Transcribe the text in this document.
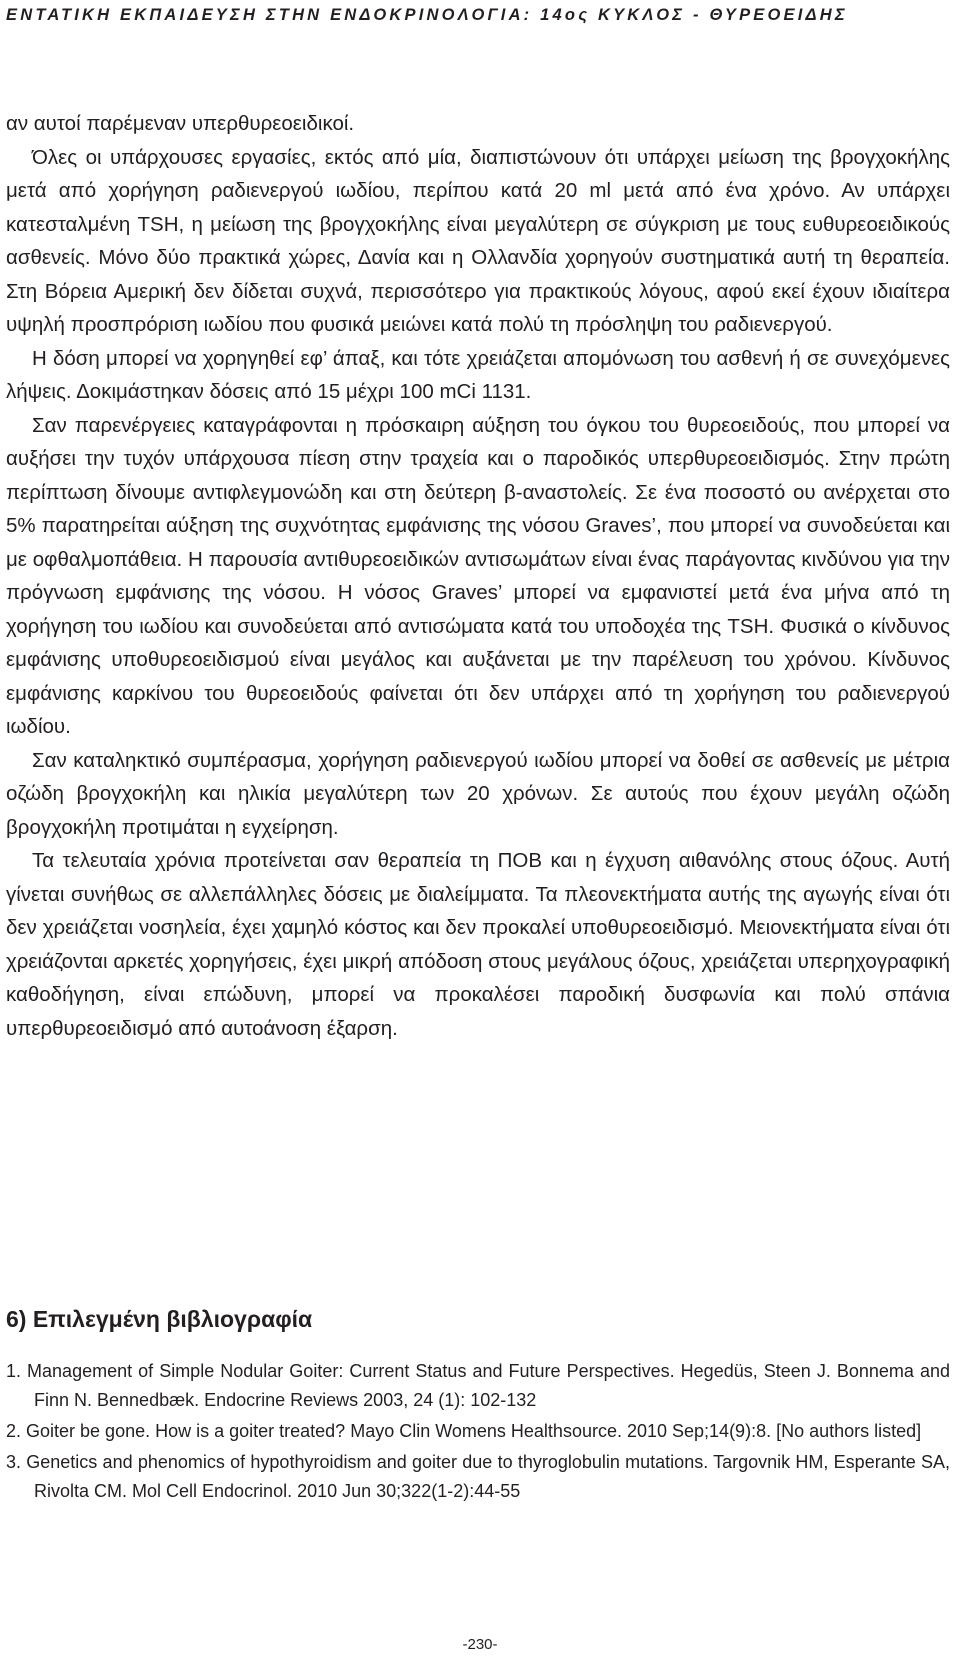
ΕΝΤΑΤΙΚΗ ΕΚΠΑΙΔΕΥΣΗ ΣΤΗΝ ΕΝΔΟΚΡΙΝΟΛΟΓΙΑ: 14ος ΚΥΚΛΟΣ - ΘΥΡΕΟΕΙΔΗΣ

αν αυτοί παρέμεναν υπερθυρεοειδικοί.

Όλες οι υπάρχουσες εργασίες, εκτός από μία, διαπιστώνουν ότι υπάρχει μείωση της βρογχοκήλης μετά από χορήγηση ραδιενεργού ιωδίου, περίπου κατά 20 ml μετά από ένα χρόνο. Αν υπάρχει κατεσταλμένη TSH, η μείωση της βρογχοκήλης είναι μεγαλύτερη σε σύγκριση με τους ευθυρεοειδικούς ασθενείς. Μόνο δύο πρακτικά χώρες, Δανία και η Ολλανδία χορηγούν συστηματικά αυτή τη θεραπεία. Στη Βόρεια Αμερική δεν δίδεται συχνά, περισσότερο για πρακτικούς λόγους, αφού εκεί έχουν ιδιαίτερα υψηλή προσπρόριση ιωδίου που φυσικά μειώνει κατά πολύ τη πρόσληψη του ραδιενεργού.

Η δόση μπορεί να χορηγηθεί εφ’ άπαξ, και τότε χρειάζεται απομόνωση του ασθενή ή σε συνεχόμενες λήψεις. Δοκιμάστηκαν δόσεις από 15 μέχρι 100 mCi 1131.

Σαν παρενέργειες καταγράφονται η πρόσκαιρη αύξηση του όγκου του θυρεοειδούς, που μπορεί να αυξήσει την τυχόν υπάρχουσα πίεση στην τραχεία και ο παροδικός υπερθυρεοειδισμός. Στην πρώτη περίπτωση δίνουμε αντιφλεγμονώδη και στη δεύτερη β-αναστολείς. Σε ένα ποσοστό ου ανέρχεται στο 5% παρατηρείται αύξηση της συχνότητας εμφάνισης της νόσου Graves’, που μπορεί να συνοδεύεται και με οφθαλμοπάθεια. Η παρουσία αντιθυρεοειδικών αντισωμάτων είναι ένας παράγοντας κινδύνου για την πρόγνωση εμφάνισης της νόσου. Η νόσος Graves’ μπορεί να εμφανιστεί μετά ένα μήνα από τη χορήγηση του ιωδίου και συνοδεύεται από αντισώματα κατά του υποδοχέα της TSH. Φυσικά ο κίνδυνος εμφάνισης υποθυρεοειδισμού είναι μεγάλος και αυξάνεται με την παρέλευση του χρόνου. Κίνδυνος εμφάνισης καρκίνου του θυρεοειδούς φαίνεται ότι δεν υπάρχει από τη χορήγηση του ραδιενεργού ιωδίου.

Σαν καταληκτικό συμπέρασμα, χορήγηση ραδιενεργού ιωδίου μπορεί να δοθεί σε ασθενείς με μέτρια οζώδη βρογχοκήλη και ηλικία μεγαλύτερη των 20 χρόνων. Σε αυτούς που έχουν μεγάλη οζώδη βρογχοκήλη προτιμάται η εγχείρηση.

Τα τελευταία χρόνια προτείνεται σαν θεραπεία τη ΠΟΒ και η έγχυση αιθανόλης στους όζους. Αυτή γίνεται συνήθως σε αλλεπάλληλες δόσεις με διαλείμματα. Τα πλεονεκτήματα αυτής της αγωγής είναι ότι δεν χρειάζεται νοσηλεία, έχει χαμηλό κόστος και δεν προκαλεί υποθυρεοειδισμό. Μειονεκτήματα είναι ότι χρειάζονται αρκετές χορηγήσεις, έχει μικρή απόδοση στους μεγάλους όζους, χρειάζεται υπερηχογραφική καθοδήγηση, είναι επώδυνη, μπορεί να προκαλέσει παροδική δυσφωνία και πολύ σπάνια υπερθυρεοειδισμό από αυτοάνοση έξαρση.

6) Επιλεγμένη βιβλιογραφία
1. Management of Simple Nodular Goiter: Current Status and Future Perspectives. Hegedüs, Steen J. Bonnema and Finn N. Bennedbæk. Endocrine Reviews 2003, 24 (1): 102-132
2. Goiter be gone. How is a goiter treated? Mayo Clin Womens Healthsource. 2010 Sep;14(9):8. [No authors listed]
3. Genetics and phenomics of hypothyroidism and goiter due to thyroglobulin mutations. Targovnik HM, Esperante SA, Rivolta CM. Mol Cell Endocrinol. 2010 Jun 30;322(1-2):44-55
-230-
